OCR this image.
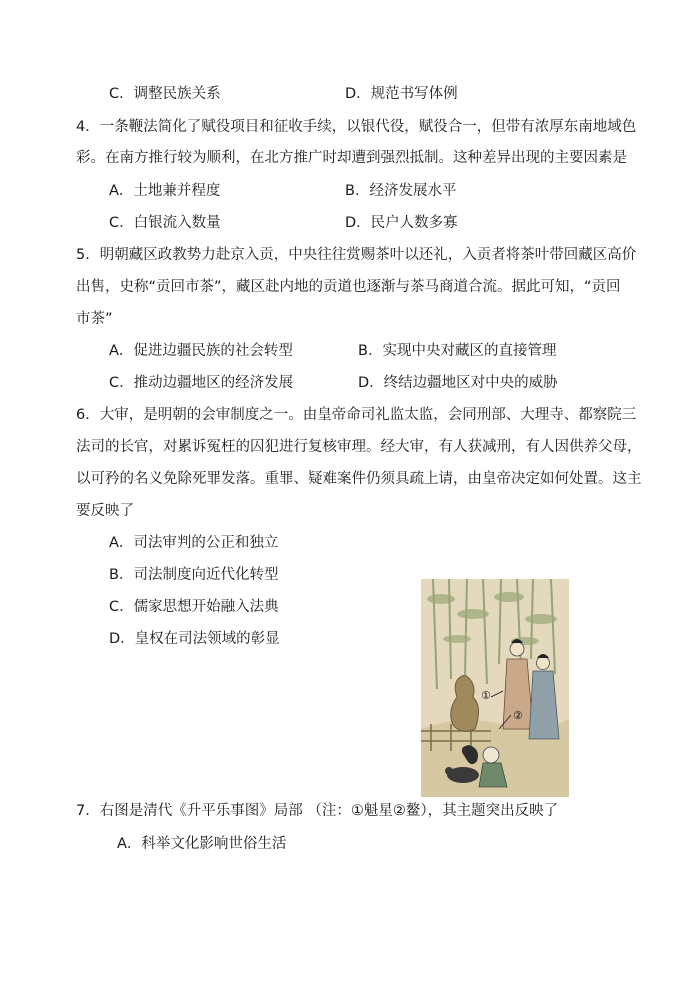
C．调整民族关系	D．规范书写体例
4．一条鞭法简化了赋役项目和征收手续，以银代役，赋役合一，但带有浓厚东南地域色
彩。在南方推行较为顺利，在北方推广时却遭到强烈抵制。这种差异出现的主要因素是
A．土地兼并程度	B．经济发展水平
C．白银流入数量	D．民户人数多寡
5．明朝藏区政教势力赴京入贡，中央往往赏赐茶叶以还礼，入贡者将茶叶带回藏区高价
出售，史称“贡回市茶”，藏区赴内地的贡道也逐渐与茶马商道合流。据此可知，“贡回
市茶”
A．促进边疆民族的社会转型	B．实现中央对藏区的直接管理
C．推动边疆地区的经济发展	D．终结边疆地区对中央的威胁
6．大审，是明朝的会审制度之一。由皇帝命司礼监太监，会同刑部、大理寺、都察院三
法司的长官，对累诉冤枉的囚犯进行复核审理。经大审，有人获减刑，有人因供养父母，
以可矜的名义免除死罪发落。重罪、疑难案件仍须具疏上请，由皇帝决定如何处置。这主
要反映了
A．司法审判的公正和独立
B．司法制度向近代化转型
C．儒家思想开始融入法典
D．皇权在司法领域的彰显
①
②
7．右图是清代《升平乐事图》局部 （注：①魁星②鳌），其主题突出反映了
A．科举文化影响世俗生活
